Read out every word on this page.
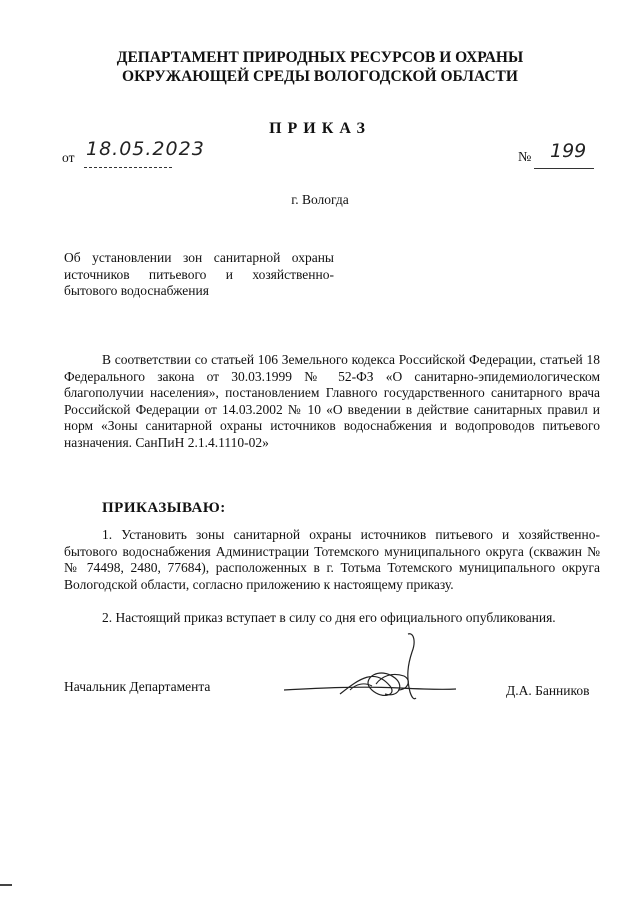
ДЕПАРТАМЕНТ ПРИРОДНЫХ РЕСУРСОВ И ОХРАНЫ
ОКРУЖАЮЩЕЙ СРЕДЫ ВОЛОГОДСКОЙ ОБЛАСТИ
ПРИКАЗ
от 18.05.2023	№ 199
г. Вологда
Об установлении зон санитарной охраны источников питьевого и хозяйственно-бытового водоснабжения
В соответствии со статьей 106 Земельного кодекса Российской Федерации, статьей 18 Федерального закона от 30.03.1999 № 52-ФЗ «О санитарно-эпидемиологическом благополучии населения», постановлением Главного государственного санитарного врача Российской Федерации от 14.03.2002 № 10 «О введении в действие санитарных правил и норм «Зоны санитарной охраны источников водоснабжения и водопроводов питьевого назначения. СанПиН 2.1.4.1110-02»
ПРИКАЗЫВАЮ:
1. Установить зоны санитарной охраны источников питьевого и хозяйственно-бытового водоснабжения Администрации Тотемского муниципального округа (скважин №№ 74498, 2480, 77684), расположенных в г. Тотьма Тотемского муниципального округа Вологодской области, согласно приложению к настоящему приказу.
2. Настоящий приказ вступает в силу со дня его официального опубликования.
Начальник Департамента	Д.А. Банников
